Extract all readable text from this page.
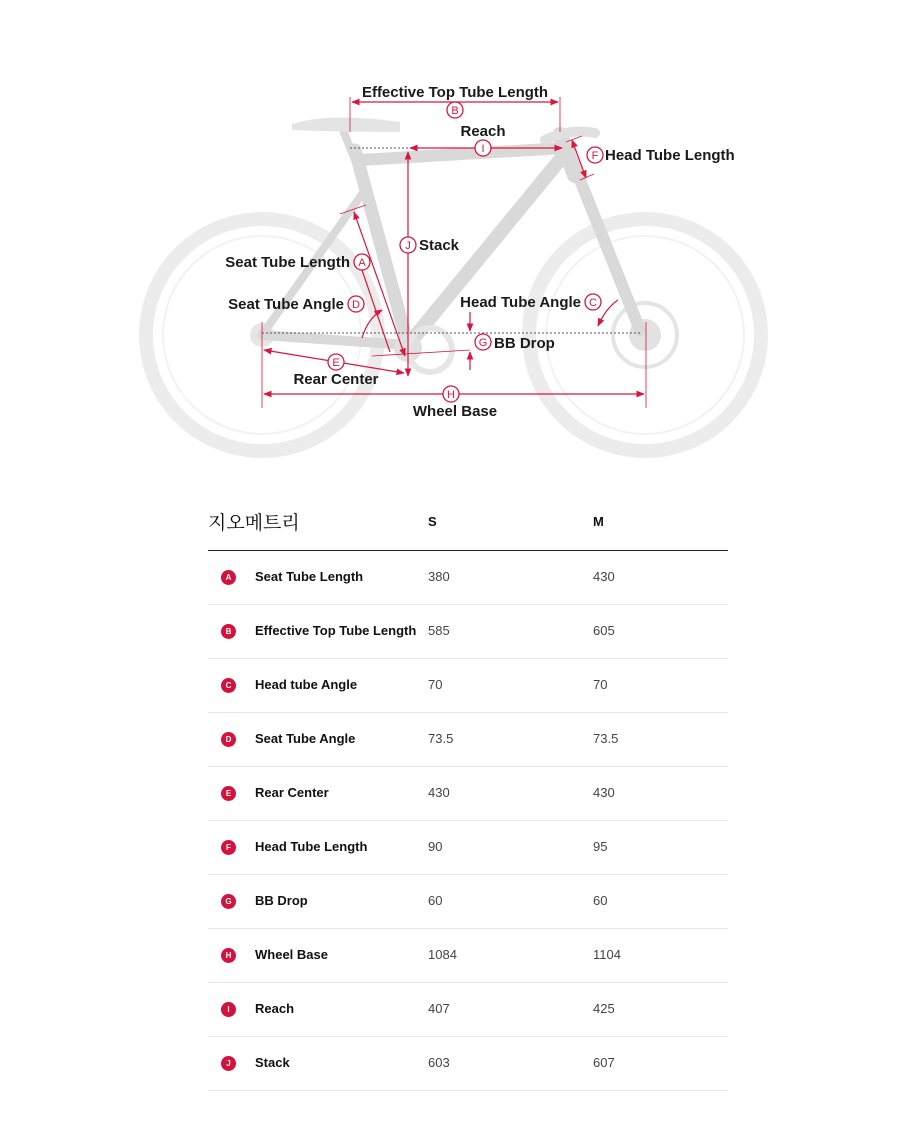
Effective Top Tube Length
B
Reach
I
F Head Tube Length
J Stack
Seat Tube Length A
Seat Tube Angle D	Head Tube Angle C
G BB Drop
E
Rear Center
H
Wheel Base
지오메트리	S	M
A	Seat Tube Length	380	430
B	Effective Top Tube Length 585	605
C	Head tube Angle	70	70
D	Seat Tube Angle	73.5	73.5
E	Rear Center	430	430
F	Head Tube Length	90	95
G	BB Drop	60	60
H	Wheel Base	1084	1104
I	Reach	407	425
J	Stack	603	607
